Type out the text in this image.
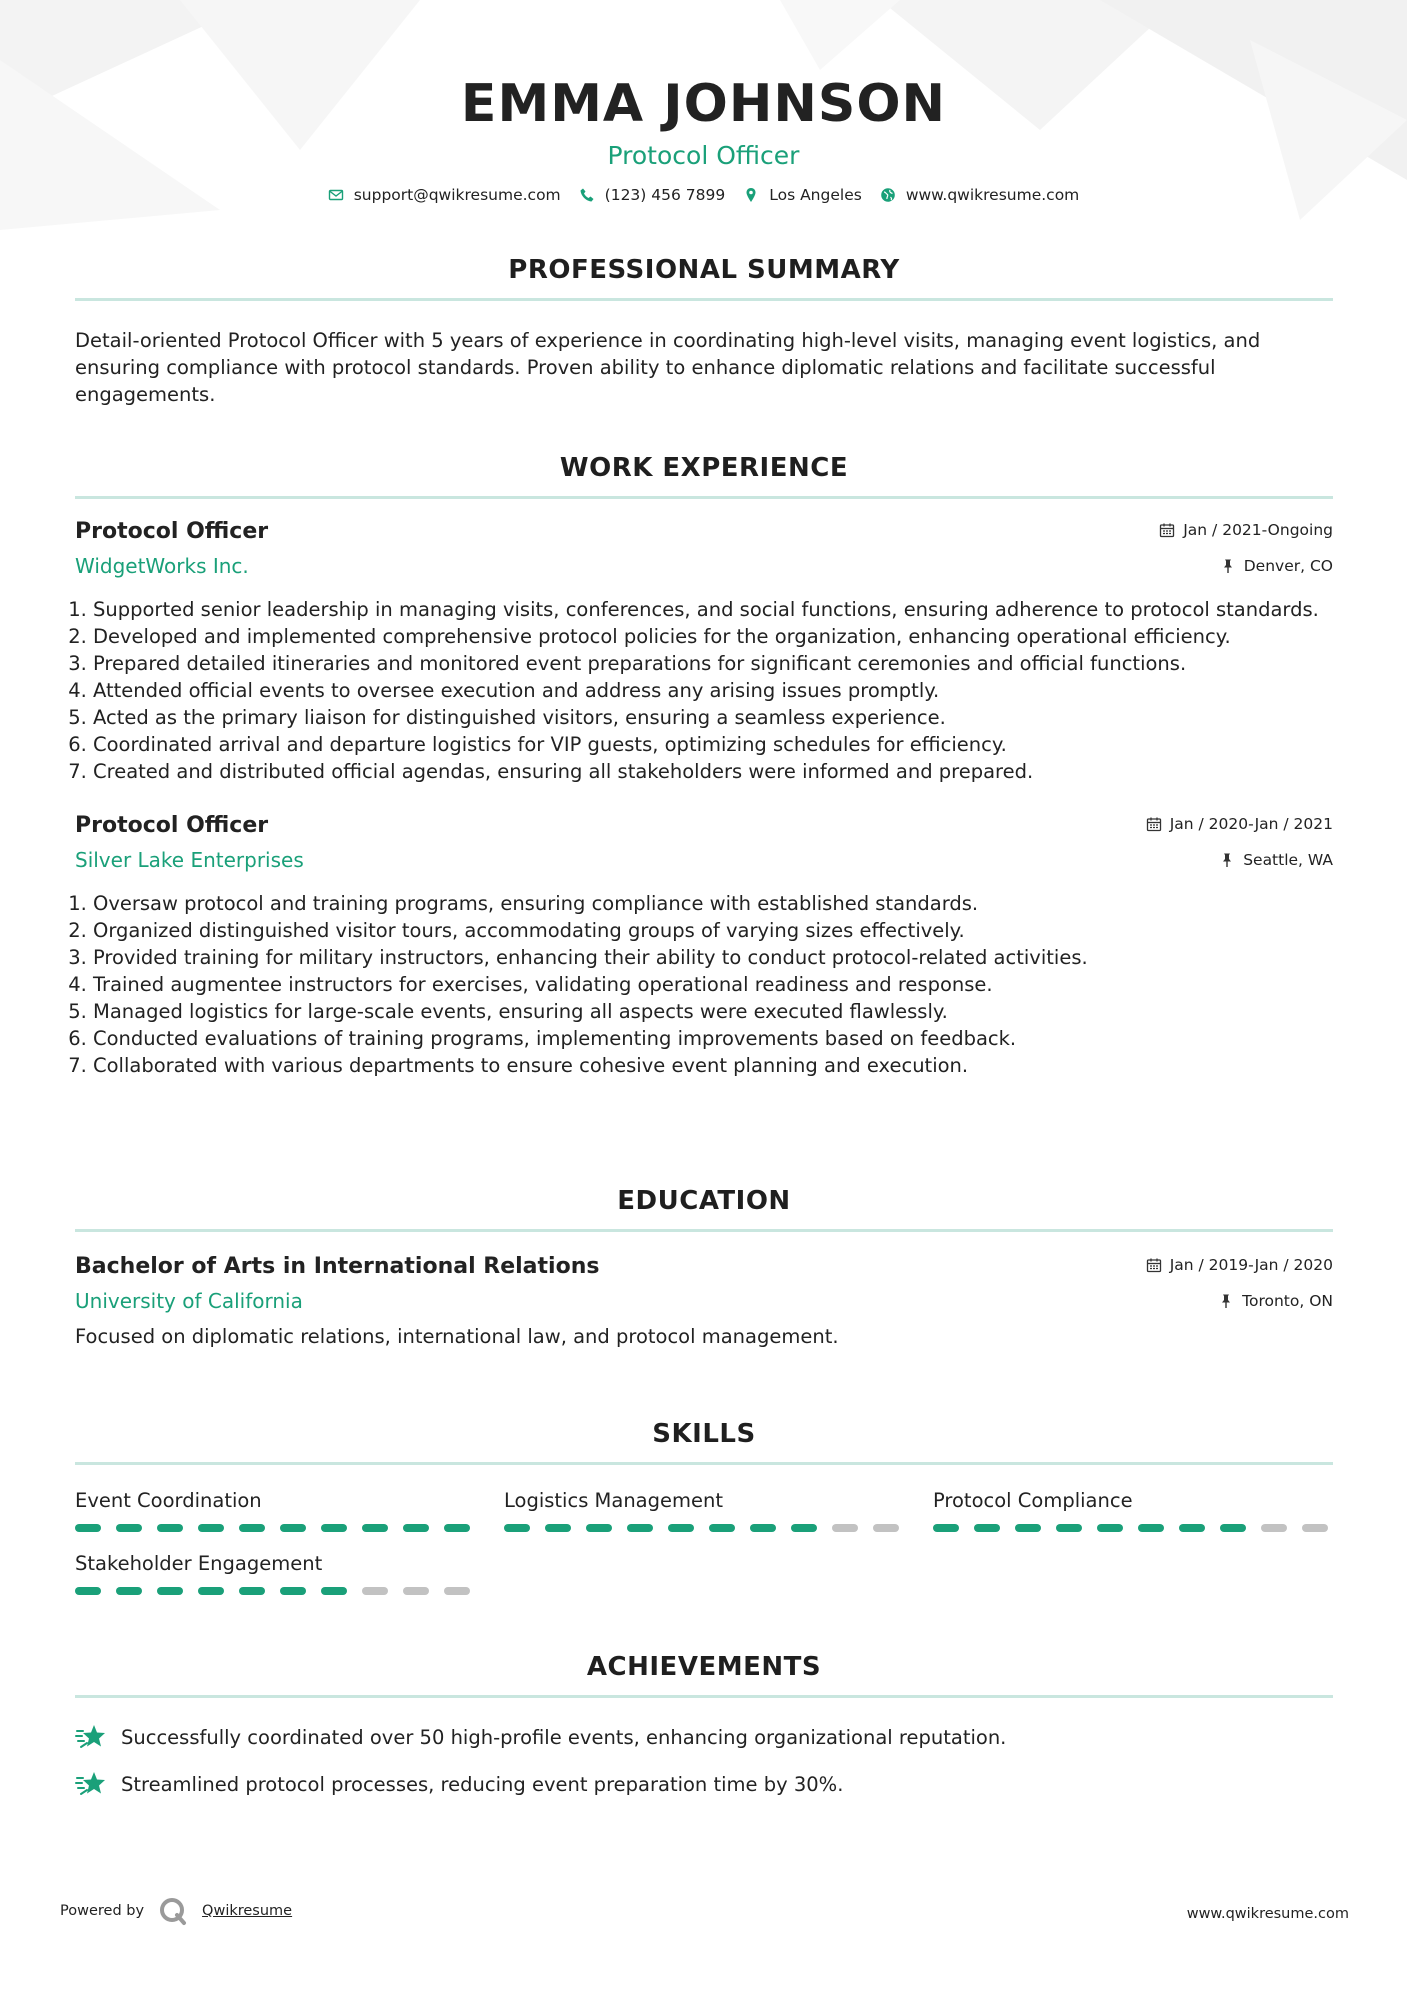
EMMA JOHNSON
Protocol Officer
support@qwikresume.com	(123) 456 7899	Los Angeles	www.qwikresume.com
PROFESSIONAL SUMMARY
Detail-oriented Protocol Officer with 5 years of experience in coordinating high-level visits, managing event logistics, and ensuring compliance with protocol standards. Proven ability to enhance diplomatic relations and facilitate successful engagements.
WORK EXPERIENCE
Protocol Officer	Jan / 2021-Ongoing
WidgetWorks Inc.	Denver, CO
1. Supported senior leadership in managing visits, conferences, and social functions, ensuring adherence to protocol standards.
2. Developed and implemented comprehensive protocol policies for the organization, enhancing operational efficiency.
3. Prepared detailed itineraries and monitored event preparations for significant ceremonies and official functions.
4. Attended official events to oversee execution and address any arising issues promptly.
5. Acted as the primary liaison for distinguished visitors, ensuring a seamless experience.
6. Coordinated arrival and departure logistics for VIP guests, optimizing schedules for efficiency.
7. Created and distributed official agendas, ensuring all stakeholders were informed and prepared.
Protocol Officer	Jan / 2020-Jan / 2021
Silver Lake Enterprises	Seattle, WA
1. Oversaw protocol and training programs, ensuring compliance with established standards.
2. Organized distinguished visitor tours, accommodating groups of varying sizes effectively.
3. Provided training for military instructors, enhancing their ability to conduct protocol-related activities.
4. Trained augmentee instructors for exercises, validating operational readiness and response.
5. Managed logistics for large-scale events, ensuring all aspects were executed flawlessly.
6. Conducted evaluations of training programs, implementing improvements based on feedback.
7. Collaborated with various departments to ensure cohesive event planning and execution.
EDUCATION
Bachelor of Arts in International Relations	Jan / 2019-Jan / 2020
University of California	Toronto, ON
Focused on diplomatic relations, international law, and protocol management.
SKILLS
Event Coordination	Logistics Management	Protocol Compliance
Stakeholder Engagement
ACHIEVEMENTS
Successfully coordinated over 50 high-profile events, enhancing organizational reputation.
Streamlined protocol processes, reducing event preparation time by 30%.
Powered by	Qwikresume	www.qwikresume.com
